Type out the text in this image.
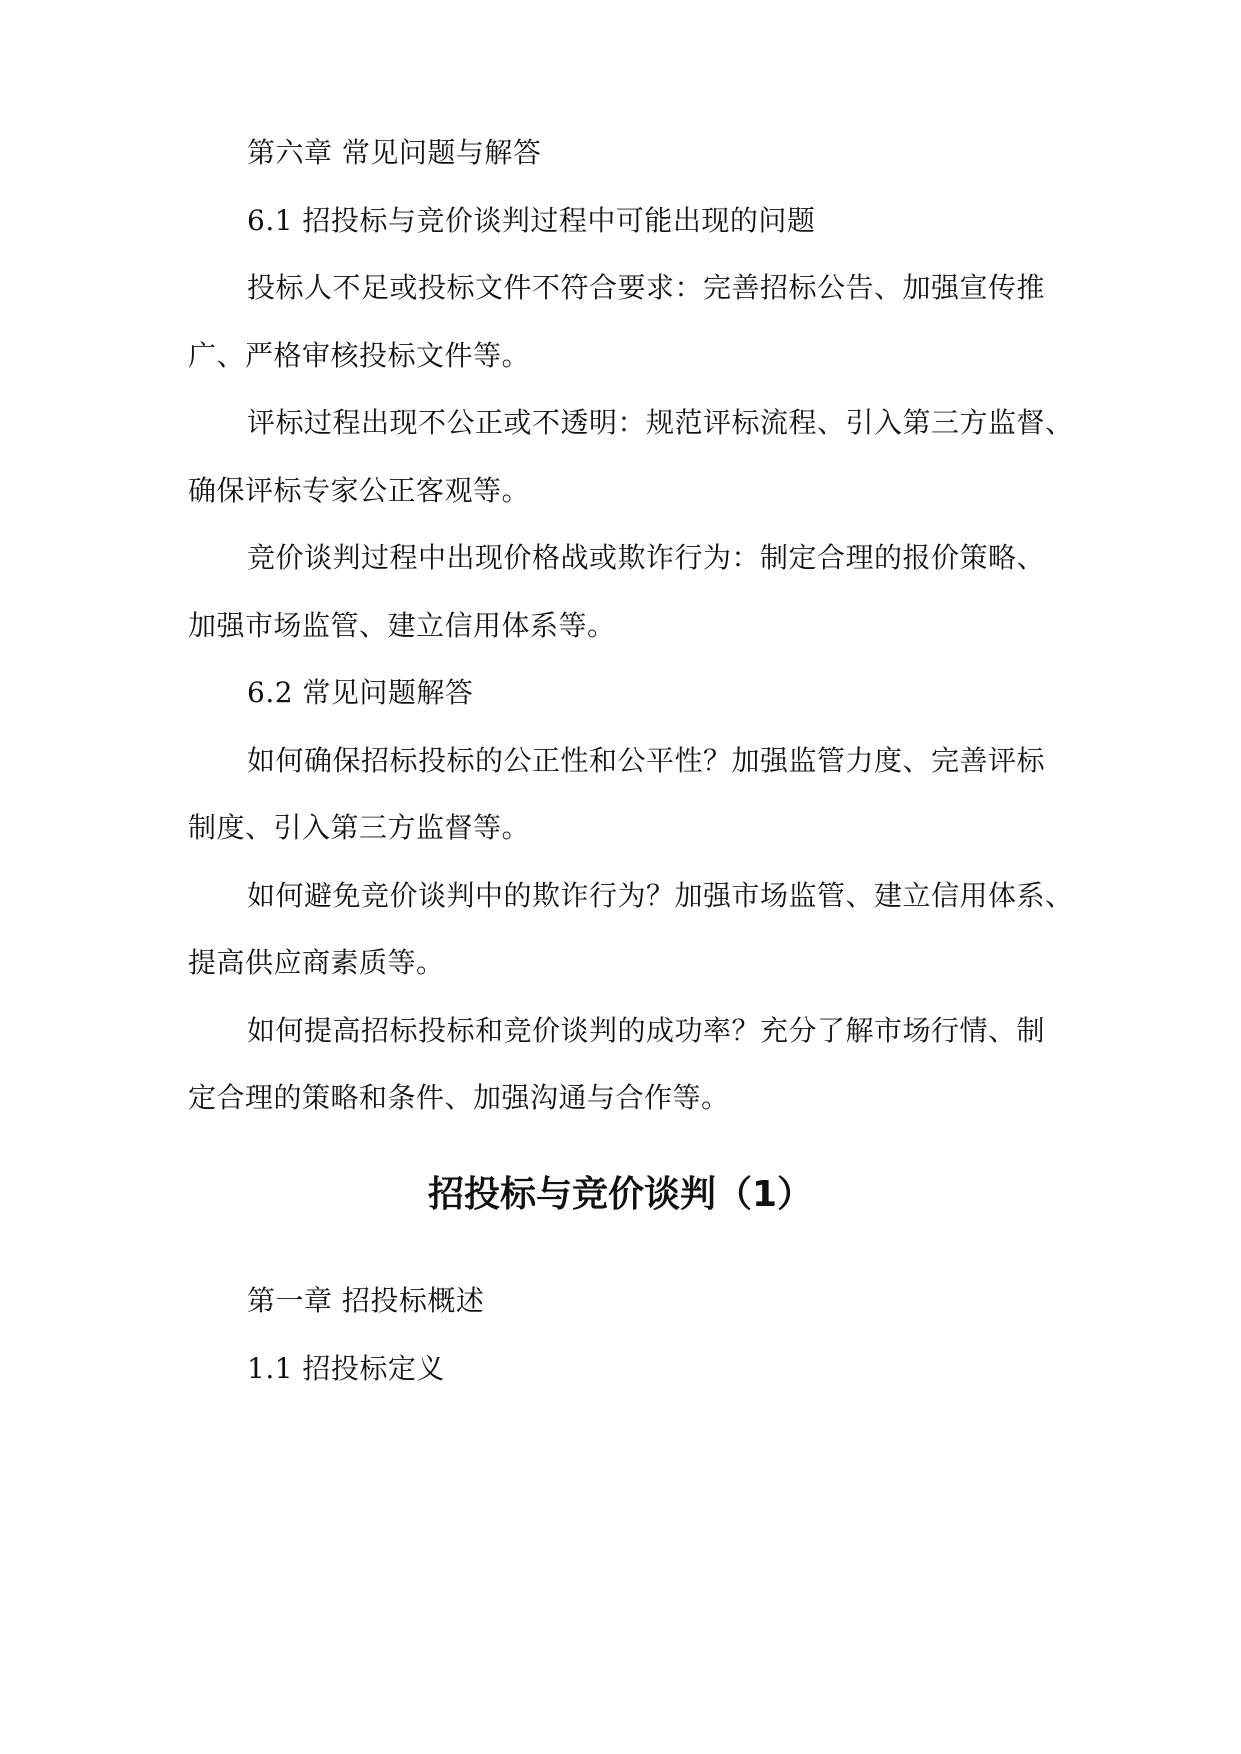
第六章 常见问题与解答
6.1 招投标与竞价谈判过程中可能出现的问题
投标人不足或投标文件不符合要求：完善招标公告、加强宣传推
广、严格审核投标文件等。
评标过程出现不公正或不透明：规范评标流程、引入第三方监督、
确保评标专家公正客观等。
竞价谈判过程中出现价格战或欺诈行为：制定合理的报价策略、
加强市场监管、建立信用体系等。
6.2 常见问题解答
如何确保招标投标的公正性和公平性？加强监管力度、完善评标
制度、引入第三方监督等。
如何避免竞价谈判中的欺诈行为？加强市场监管、建立信用体系、
提高供应商素质等。
如何提高招标投标和竞价谈判的成功率？充分了解市场行情、制
定合理的策略和条件、加强沟通与合作等。
招投标与竞价谈判（1）
第一章 招投标概述
1.1 招投标定义
